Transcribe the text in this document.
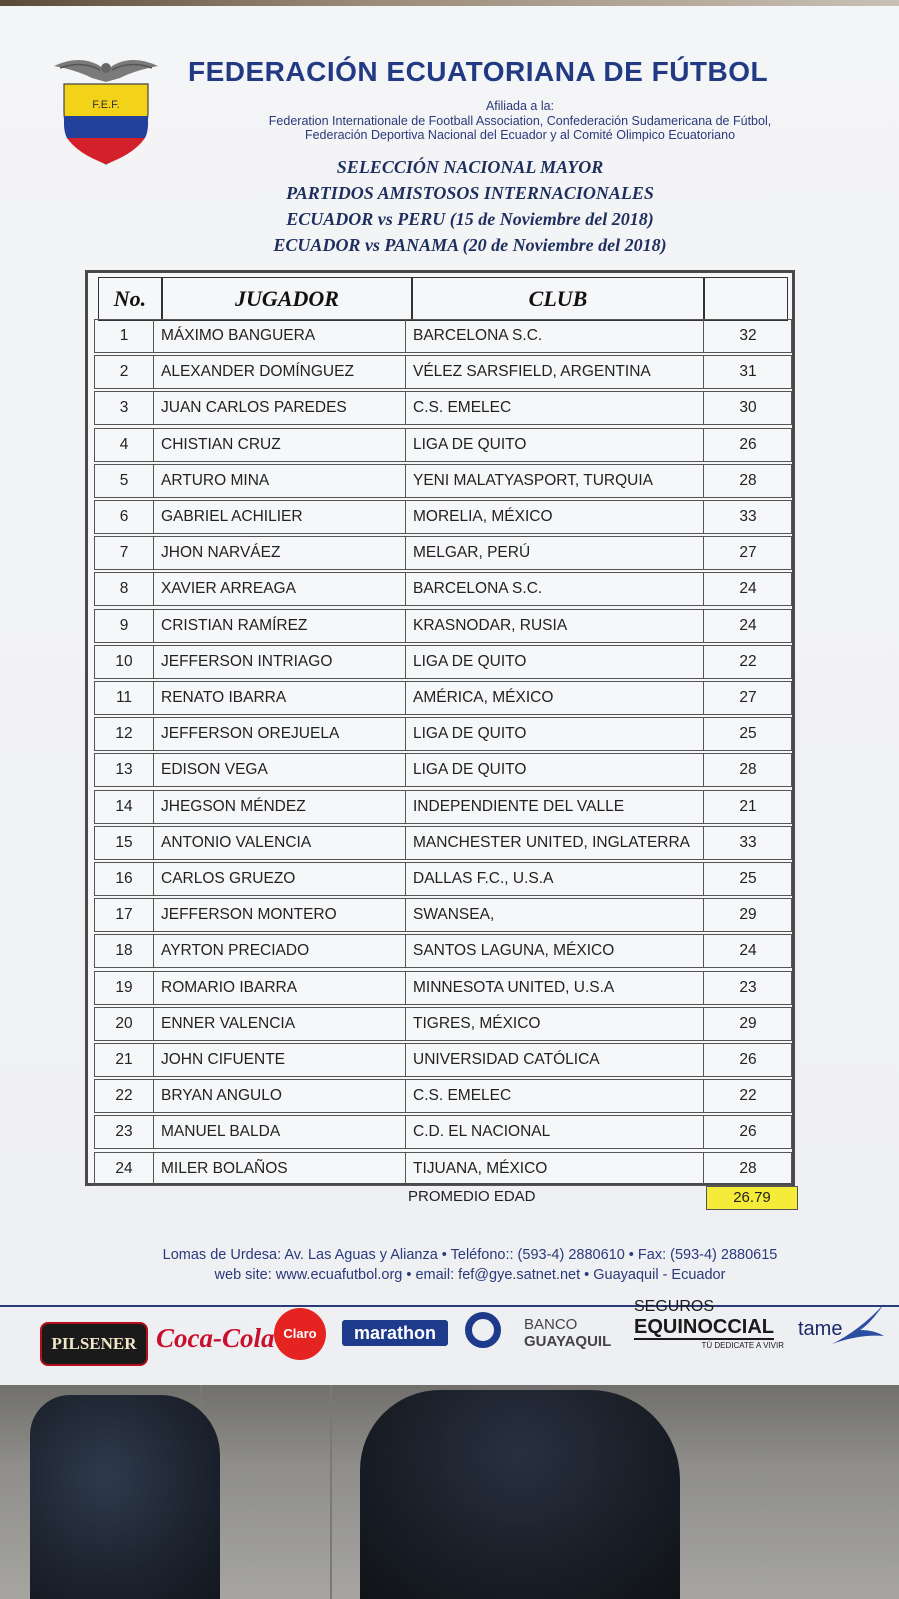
F.E.F.
FEDERACIÓN ECUATORIANA DE FÚTBOL
Afiliada a la:
Federation Internationale de Football Association, Confederación Sudamericana de Fútbol,
Federación Deportiva Nacional del Ecuador y al Comité Olimpico Ecuatoriano
SELECCIÓN NACIONAL MAYOR
PARTIDOS AMISTOSOS INTERNACIONALES
ECUADOR vs PERU (15 de Noviembre del 2018)
ECUADOR vs PANAMA (20 de Noviembre del 2018)
No.	JUGADOR	CLUB
1	MÁXIMO BANGUERA	BARCELONA S.C.	32
2	ALEXANDER DOMÍNGUEZ	VÉLEZ SARSFIELD, ARGENTINA	31
3	JUAN CARLOS PAREDES	C.S. EMELEC	30
4	CHISTIAN CRUZ	LIGA DE QUITO	26
5	ARTURO MINA	YENI MALATYASPORT, TURQUIA	28
6	GABRIEL ACHILIER	MORELIA, MÉXICO	33
7	JHON NARVÁEZ	MELGAR, PERÚ	27
8	XAVIER ARREAGA	BARCELONA S.C.	24
9	CRISTIAN RAMÍREZ	KRASNODAR, RUSIA	24
10	JEFFERSON INTRIAGO	LIGA DE QUITO	22
11	RENATO IBARRA	AMÉRICA, MÉXICO	27
12	JEFFERSON OREJUELA	LIGA DE QUITO	25
13	EDISON VEGA	LIGA DE QUITO	28
14	JHEGSON MÉNDEZ	INDEPENDIENTE DEL VALLE	21
15	ANTONIO VALENCIA	MANCHESTER UNITED, INGLATERRA	33
16	CARLOS GRUEZO	DALLAS F.C., U.S.A	25
17	JEFFERSON MONTERO	SWANSEA,	29
18	AYRTON PRECIADO	SANTOS LAGUNA, MÉXICO	24
19	ROMARIO IBARRA	MINNESOTA UNITED, U.S.A	23
20	ENNER VALENCIA	TIGRES, MÉXICO	29
21	JOHN CIFUENTE	UNIVERSIDAD CATÓLICA	26
22	BRYAN ANGULO	C.S. EMELEC	22
23	MANUEL BALDA	C.D. EL NACIONAL	26
24	MILER BOLAÑOS	TIJUANA, MÉXICO	28
PROMEDIO EDAD	26.79
Lomas de Urdesa: Av. Las Aguas y Alianza • Teléfono:: (593-4) 2880610 • Fax: (593-4) 2880615
web site: www.ecuafutbol.org • email: fef@gye.satnet.net • Guayaquil - Ecuador
PILSENER Coca-Cola Claro	marathon	BANCO
GUAYAQUIL
SEGUROS
EQUINOCCIAL
TÚ DEDICATE A VIVIR
tame
